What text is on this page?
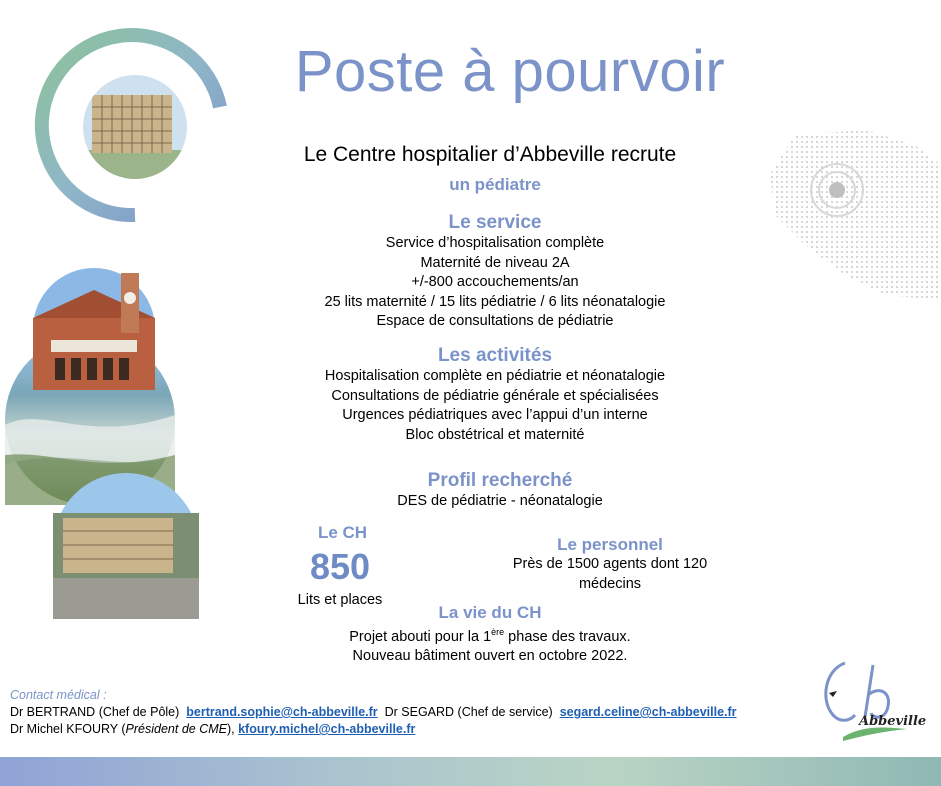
Poste à pourvoir
Le Centre hospitalier d’Abbeville recrute
un pédiatre
Le service
Service d’hospitalisation complète
Maternité de niveau 2A
+/-800 accouchements/an
25 lits maternité / 15 lits pédiatrie / 6 lits néonatalogie
Espace de consultations de pédiatrie
Les activités
Hospitalisation complète en pédiatrie et néonatalogie
Consultations de pédiatrie générale et spécialisées
Urgences pédiatriques avec l’appui d’un interne
Bloc obstétrical et maternité
Profil recherché
DES de pédiatrie - néonatalogie
Le CH
850
Lits et places
Le personnel
Près de 1500 agents dont 120
médecins
La vie du CH
Projet abouti pour la 1ère phase des travaux.
Nouveau bâtiment ouvert en octobre 2022.
Contact médical :
Dr BERTRAND (Chef de Pôle) bertrand.sophie@ch-abbeville.fr Dr SEGARD (Chef de service) segard.celine@ch-abbeville.fr
Dr Michel KFOURY (Président de CME), kfoury.michel@ch-abbeville.fr	Abbeville
